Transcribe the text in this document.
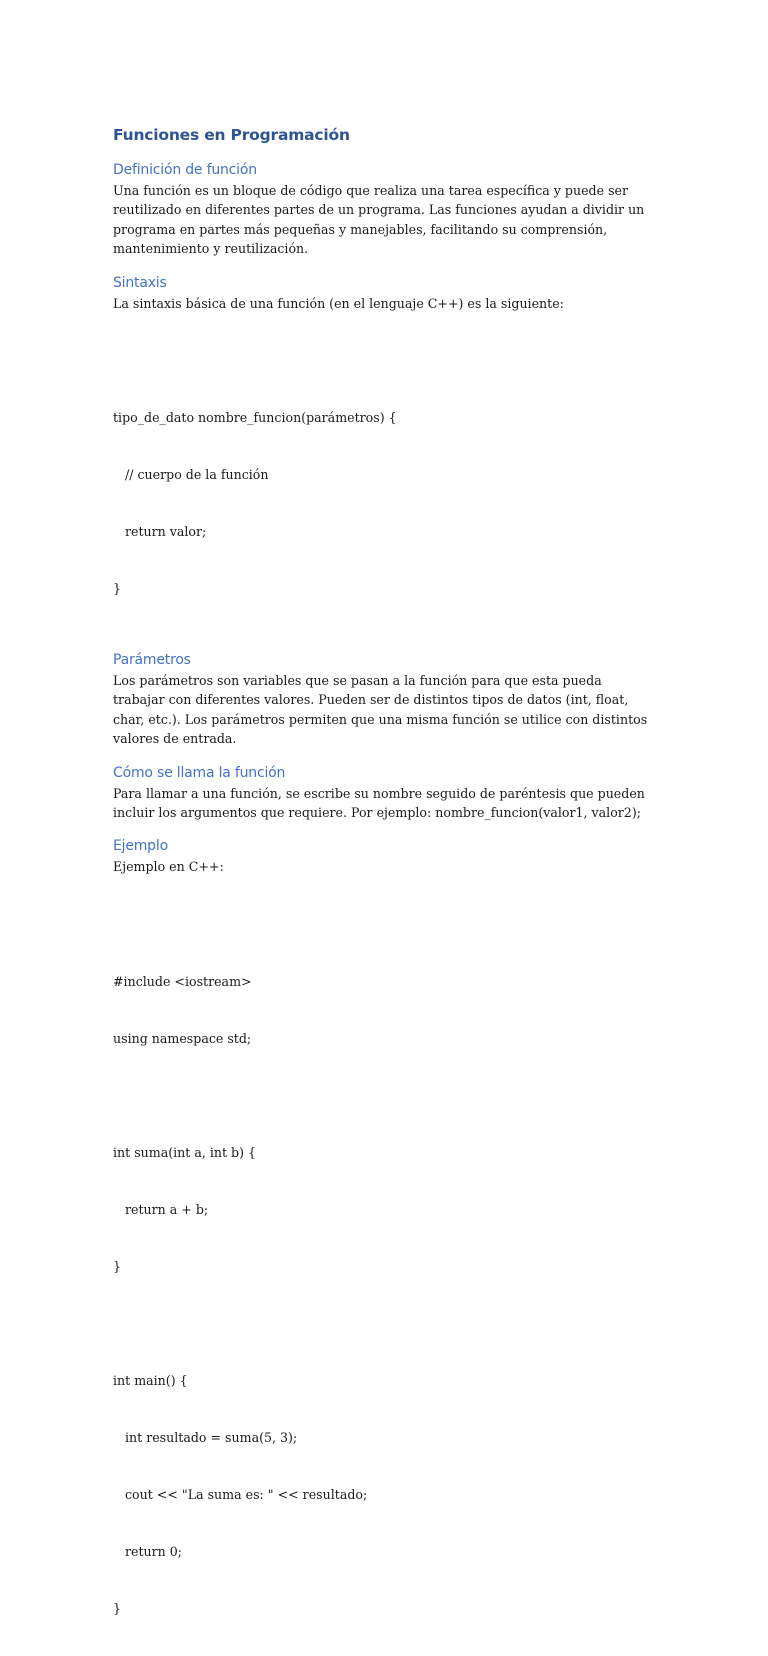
Funciones en Programación
Definición de función

Una función es un bloque de código que realiza una tarea específica y puede ser reutilizado en diferentes partes de un programa. Las funciones ayudan a dividir un programa en partes más pequeñas y manejables, facilitando su comprensión, mantenimiento y reutilización.

Sintaxis

La sintaxis básica de una función (en el lenguaje C++) es la siguiente:

tipo_de_dato nombre_funcion(parámetros) {

// cuerpo de la función

return valor;

}

Parámetros

Los parámetros son variables que se pasan a la función para que esta pueda trabajar con diferentes valores. Pueden ser de distintos tipos de datos (int, float, char, etc.). Los parámetros permiten que una misma función se utilice con distintos valores de entrada.

Cómo se llama la función

Para llamar a una función, se escribe su nombre seguido de paréntesis que pueden incluir los argumentos que requiere. Por ejemplo: nombre_funcion(valor1, valor2);

Ejemplo

Ejemplo en C++:

#include <iostream>

using namespace std;

int suma(int a, int b) {

return a + b;

}

int main() {

int resultado = suma(5, 3);

cout << "La suma es: " << resultado;

return 0;

}
